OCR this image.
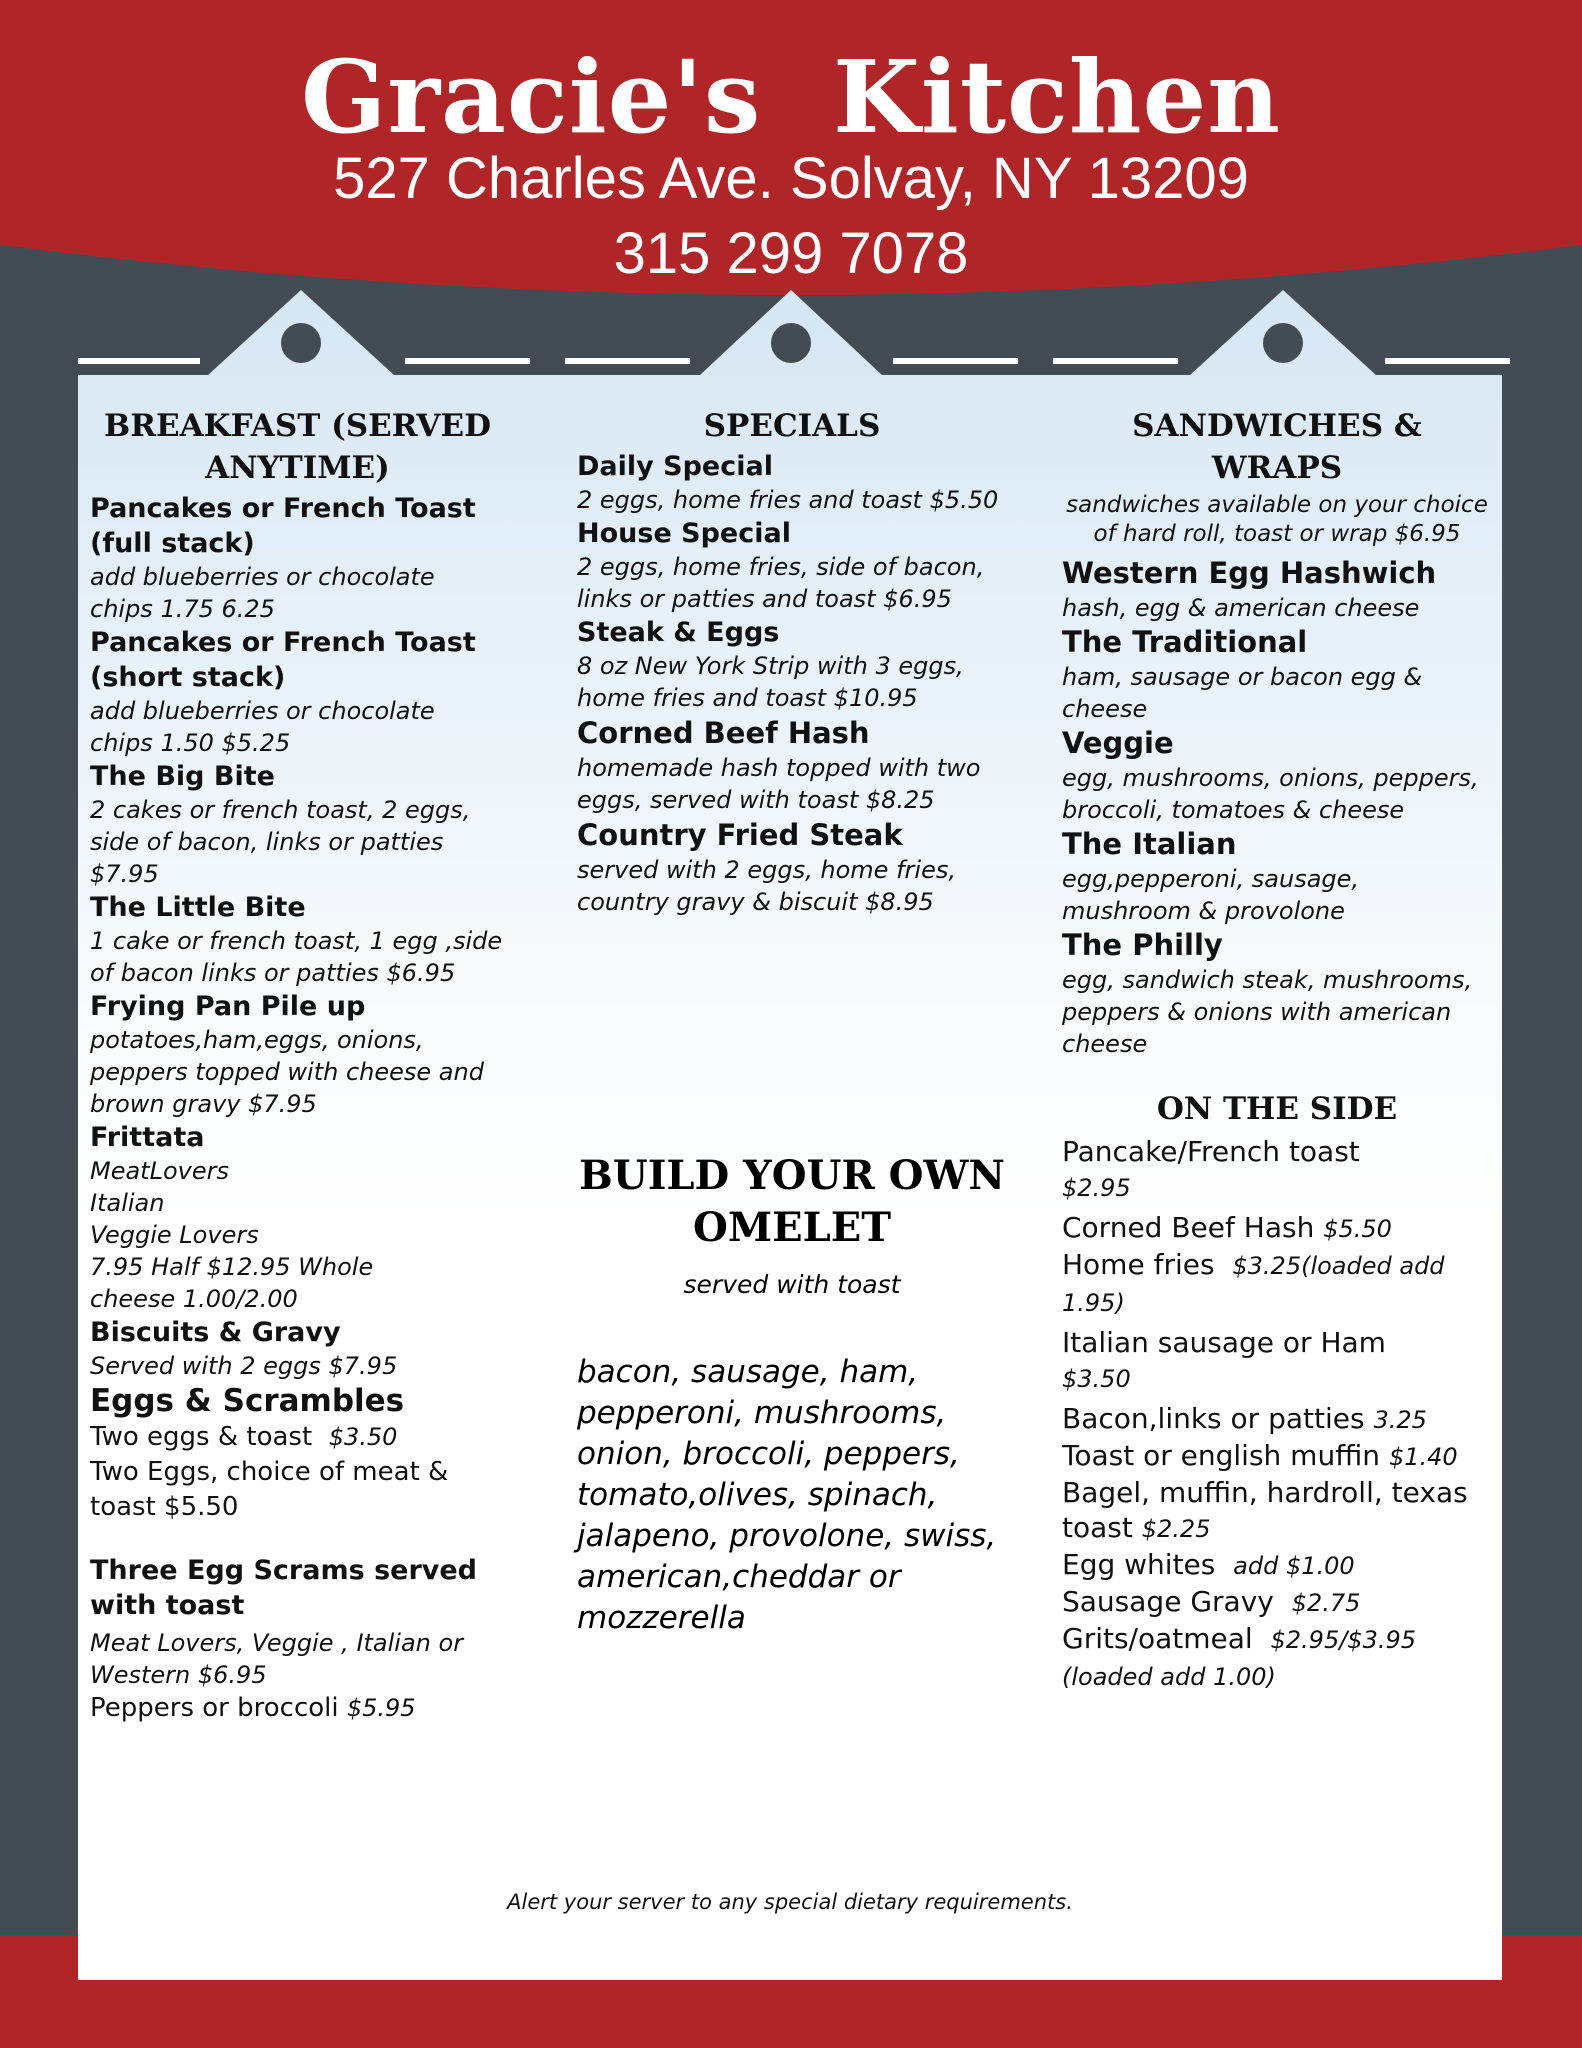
Gracie's  Kitchen
527 Charles Ave. Solvay, NY 13209
315 299 7078
BREAKFAST (SERVED ANYTIME)
Pancakes or French Toast (full stack)
add blueberries or chocolate chips 1.75 6.25
Pancakes or French Toast (short stack)
add blueberries or chocolate chips 1.50 $5.25
The Big Bite
2 cakes or french toast, 2 eggs, side of bacon, links or patties $7.95
The Little Bite
1 cake or french toast, 1 egg ,side of bacon links or patties $6.95
Frying Pan Pile up
potatoes,ham,eggs, onions, peppers topped with cheese and brown gravy $7.95
Frittata
MeatLovers
Italian
Veggie Lovers
7.95 Half $12.95 Whole
cheese 1.00/2.00
Biscuits & Gravy
Served with 2 eggs $7.95
Eggs & Scrambles
Two eggs & toast $3.50
Two Eggs, choice of meat & toast $5.50
Three Egg Scrams served with toast
Meat Lovers, Veggie , Italian or Western $6.95
Peppers or broccoli $5.95
SPECIALS
Daily Special
2 eggs, home fries and toast $5.50
House Special
2 eggs, home fries, side of bacon, links or patties and toast $6.95
Steak & Eggs
8 oz New York Strip with 3 eggs, home fries and toast $10.95
Corned Beef Hash
homemade hash topped with two eggs, served with toast $8.25
Country Fried Steak
served with 2 eggs, home fries, country gravy & biscuit $8.95
BUILD YOUR OWN OMELET
served with toast
bacon, sausage, ham, pepperoni, mushrooms, onion, broccoli, peppers, tomato,olives, spinach, jalapeno, provolone, swiss, american,cheddar or mozzerella
SANDWICHES & WRAPS
sandwiches available on your choice of hard roll, toast or wrap $6.95
Western Egg Hashwich
hash, egg & american cheese
The Traditional
ham, sausage or bacon egg & cheese
Veggie
egg, mushrooms, onions, peppers, broccoli, tomatoes & cheese
The Italian
egg,pepperoni, sausage, mushroom & provolone
The Philly
egg, sandwich steak, mushrooms, peppers & onions with american cheese
ON THE SIDE
Pancake/French toast
$2.95
Corned Beef Hash $5.50
Home fries $3.25(loaded add 1.95)
Italian sausage or Ham
$3.50
Bacon,links or patties 3.25
Toast or english muffin $1.40
Bagel, muffin, hardroll, texas toast $2.25
Egg whites add $1.00
Sausage Gravy $2.75
Grits/oatmeal $2.95/$3.95 (loaded add 1.00)
Alert your server to any special dietary requirements.
